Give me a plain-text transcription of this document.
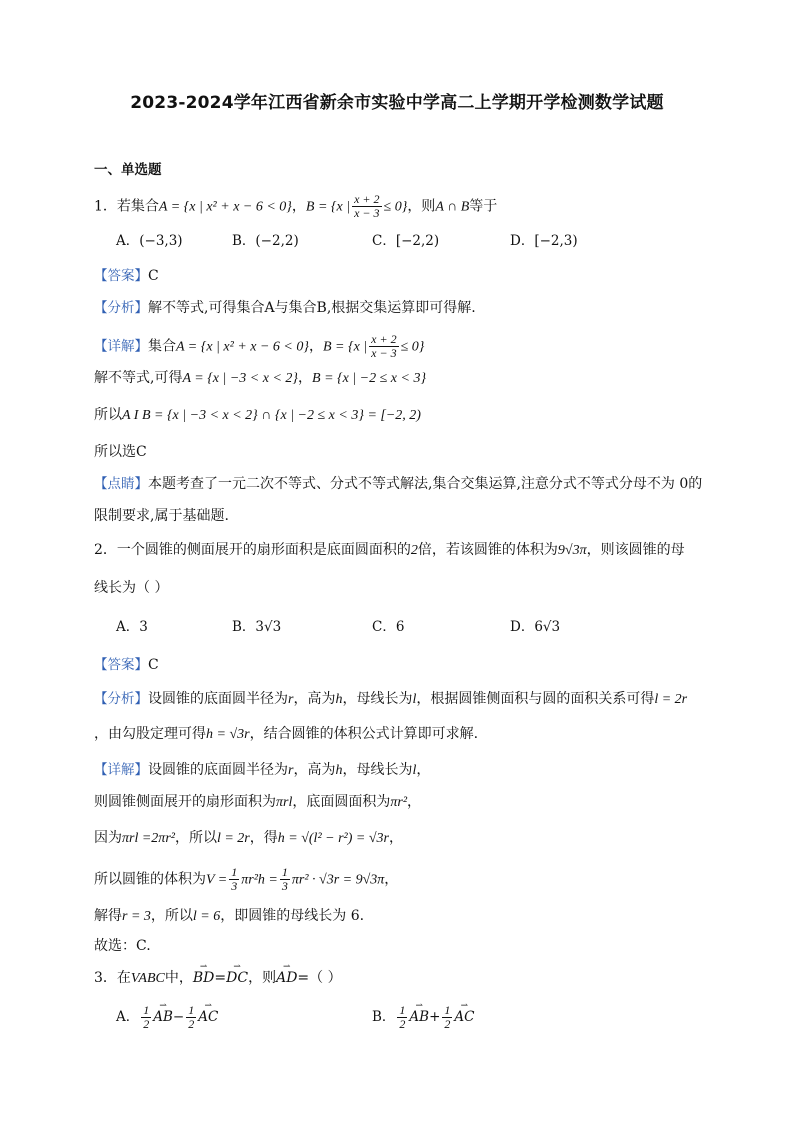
2023-2024学年江西省新余市实验中学高二上学期开学检测数学试题
一、单选题
1．若集合A = {x | x² + x − 6 < 0}，B = {x | $\frac{x + 2}{x - 3} \le 0$}，则A ∩ B等于
A．(−3,3)	B．(−2,2)	C．[−2,2)	D．[−2,3)
【答案】C
【分析】解不等式,可得集合A与集合B,根据交集运算即可得解.
【详解】集合A = {x | x² + x − 6 < 0}，B = {x | $\frac{x + 2}{x - 3} \le 0$}
解不等式,可得A = {x | −3 < x < 2}，B = {x | −2 ≤ x < 3}
所以A I B = {x | −3 < x < 2} ∩ {x | −2 ≤ x < 3} = [−2, 2)
所以选C
【点睛】本题考查了一元二次不等式、分式不等式解法,集合交集运算,注意分式不等式分母不为 0的
限制要求,属于基础题.
2．一个圆锥的侧面展开的扇形面积是底面圆面积的2倍，若该圆锥的体积为9√3π，则该圆锥的母
线长为（ ）
A．3	B．3√3	C．6	D．6√3
【答案】C
【分析】设圆锥的底面圆半径为r，高为h，母线长为l，根据圆锥侧面积与圆的面积关系可得l = 2r
，由勾股定理可得h = √3r，结合圆锥的体积公式计算即可求解.
【详解】设圆锥的底面圆半径为r，高为h，母线长为l，
则圆锥侧面展开的扇形面积为πrl，底面圆面积为πr²，
因为πrl =2πr²，所以l = 2r，得h = √(l² − r²) = √3r，
所以圆锥的体积为$V = \frac{1}{3} \pi r^2h = \frac{1}{3} \pi r^2 \cdot √3r = 9√3\pi$，
解得r = 3，所以l = 6，即圆锥的母线长为 6.
故选：C.
3．在VABC中，⇀ BD=⇀ DC，则⇀ AD=（ ）
A． $\frac{1}{2}$ ⇀ $AB- \frac{1}{2}$ ⇀ AC	B． $\frac{1}{2}$ ⇀ $AB+ \frac{1}{2}$ ⇀ AC
